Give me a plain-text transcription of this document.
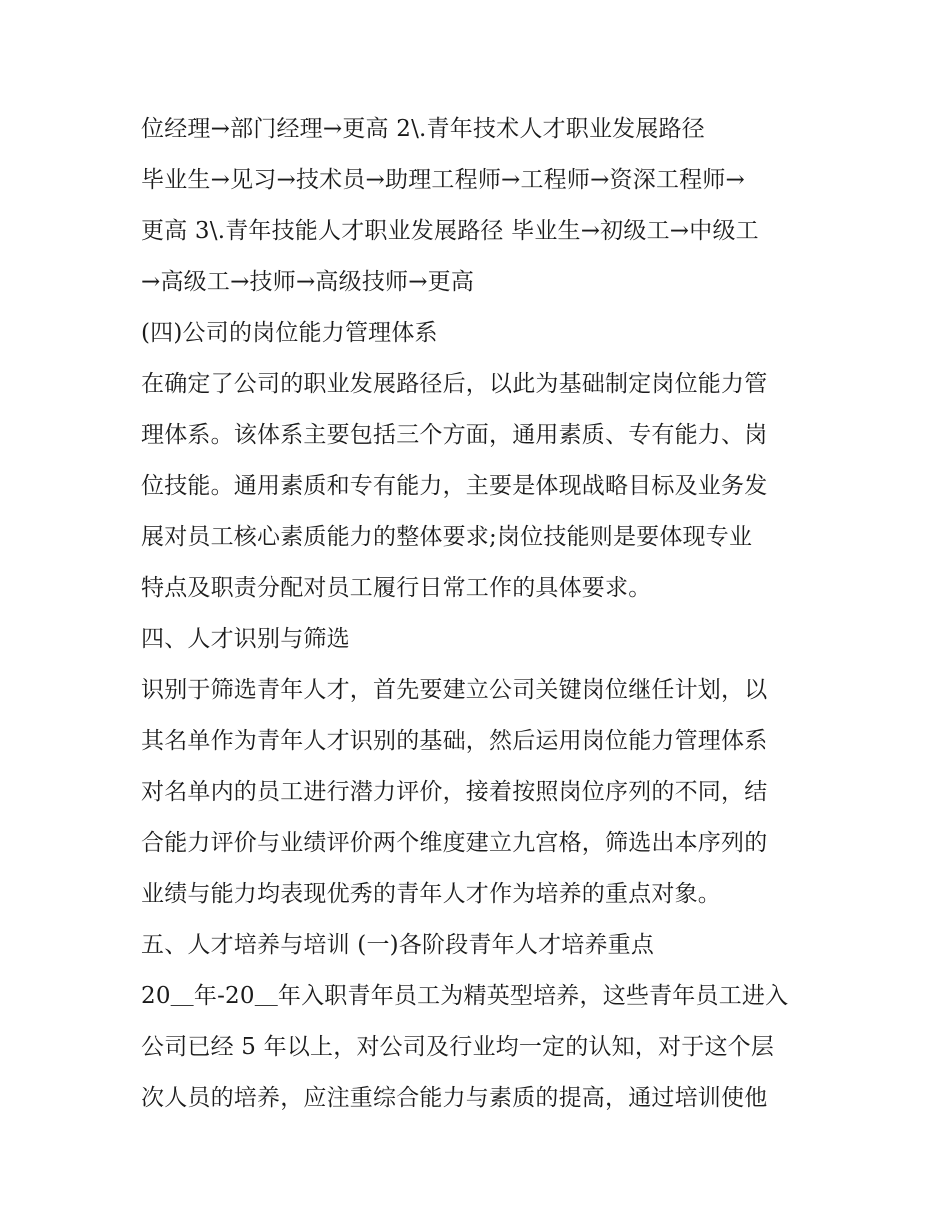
位经理→部门经理→更高 2\.青年技术人才职业发展路径
毕业生→见习→技术员→助理工程师→工程师→资深工程师→
更高 3\.青年技能人才职业发展路径 毕业生→初级工→中级工
→高级工→技师→高级技师→更高
(四)公司的岗位能力管理体系
在确定了公司的职业发展路径后，以此为基础制定岗位能力管
理体系。该体系主要包括三个方面，通用素质、专有能力、岗
位技能。通用素质和专有能力，主要是体现战略目标及业务发
展对员工核心素质能力的整体要求;岗位技能则是要体现专业
特点及职责分配对员工履行日常工作的具体要求。
四、人才识别与筛选
识别于筛选青年人才，首先要建立公司关键岗位继任计划，以
其名单作为青年人才识别的基础，然后运用岗位能力管理体系
对名单内的员工进行潜力评价，接着按照岗位序列的不同，结
合能力评价与业绩评价两个维度建立九宫格，筛选出本序列的
业绩与能力均表现优秀的青年人才作为培养的重点对象。
五、人才培养与培训 (一)各阶段青年人才培养重点
20＿年-20＿年入职青年员工为精英型培养，这些青年员工进入
公司已经 5 年以上，对公司及行业均一定的认知，对于这个层
次人员的培养，应注重综合能力与素质的提高，通过培训使他
